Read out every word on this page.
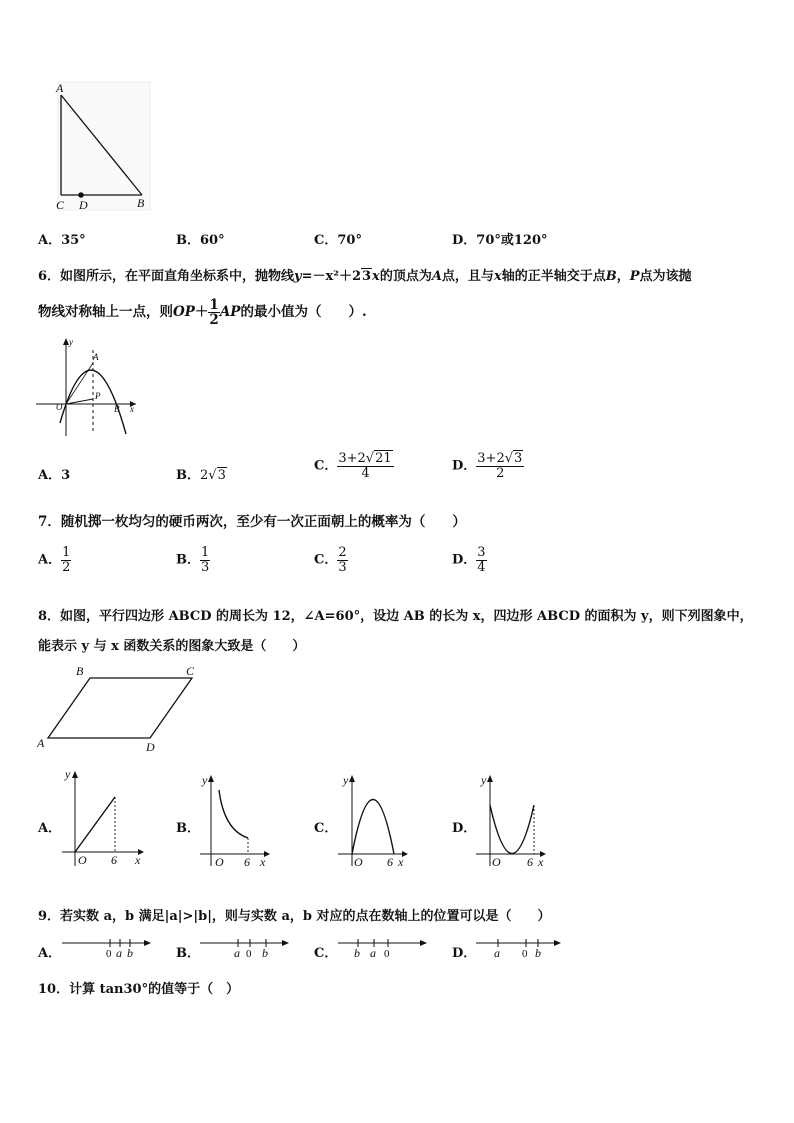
A
C D	B
A．35°	B．60°	C．70°	D．70°或120°
6．如图所示，在平面直角坐标系中，抛物线y=－x²＋23x的顶点为A点，且与x轴的正半轴交于点B，P点为该抛
物线对称轴上一点，则$OP+ \frac{1}{2}$ AP的最小值为（　　）.
y
A
O
P
B x
A．3	B．2√3
C． $\frac{3+2√21}{4}$	D． $\frac{3+2√3}{2}$
7．随机掷一枚均匀的硬币两次，至少有一次正面朝上的概率为（　　）
A． $\frac{1}{2}$	B． $\frac{1}{3}$	C． $\frac{2}{3}$	D． $\frac{3}{4}$
8．如图，平行四边形 ABCD 的周长为 12，∠A=60°，设边 AB 的长为 x，四边形 ABCD 的面积为 y，则下列图象中，
能表示 y 与 x 函数关系的图象大致是（　　）
B	C
A	D
A．
y
O 6 x
B．
y
O 6 x
C．
y
O 6 x
D．
y
O 6 x
9．若实数 a，b 满足|a|>|b|，则与实数 a，b 对应的点在数轴上的位置可以是（　　）
A．	0 a b	B．	a 0 b	C． b a 0	D． a 0 b
10．计算 tan30°的值等于（　）
